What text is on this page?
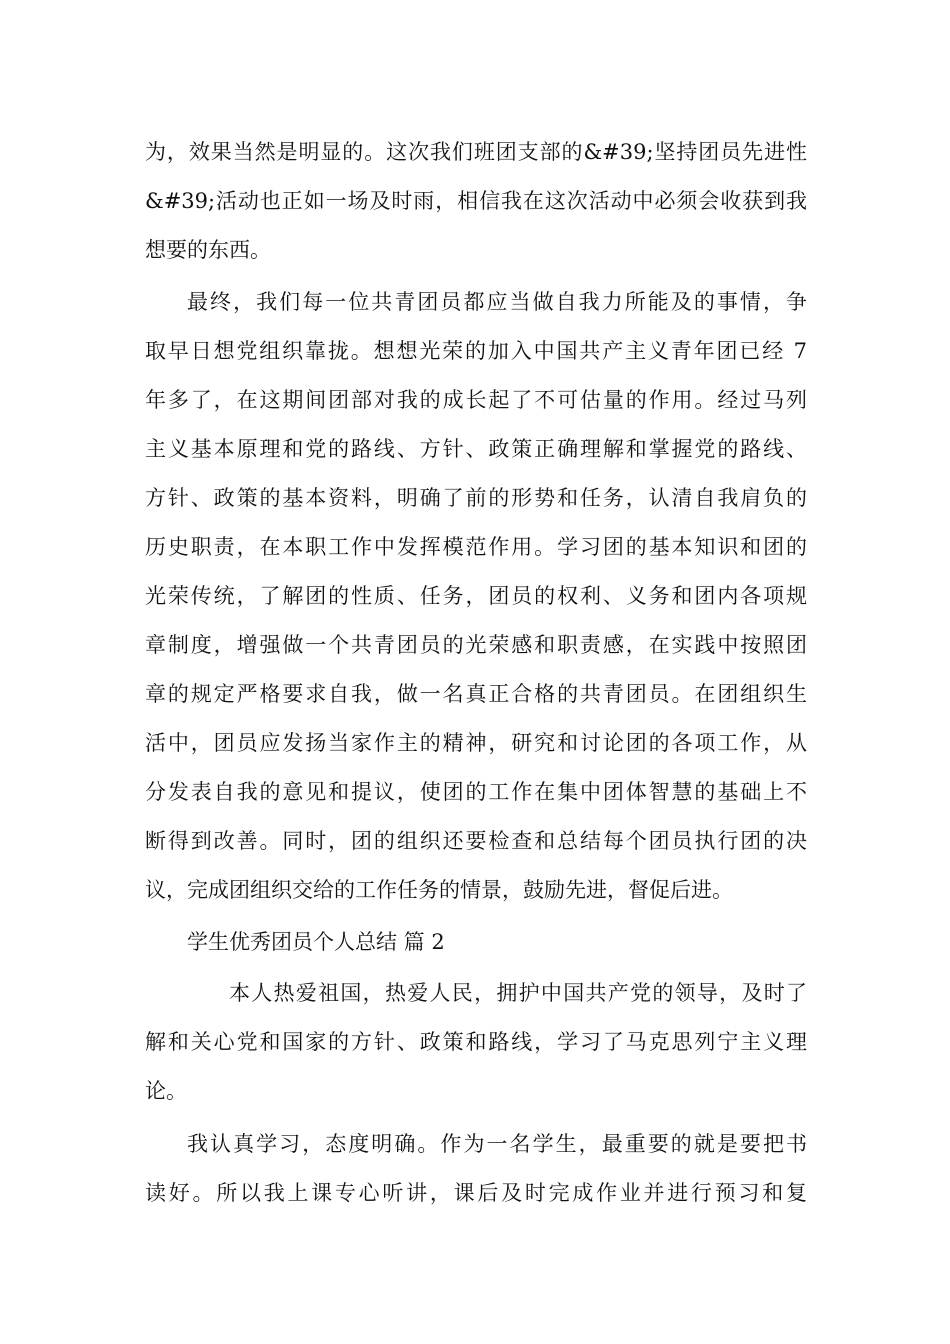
为，效果当然是明显的。这次我们班团支部的&#39;坚持团员先进性
&#39;活动也正如一场及时雨，相信我在这次活动中必须会收获到我
想要的东西。
最终，我们每一位共青团员都应当做自我力所能及的事情，争
取早日想党组织靠拢。想想光荣的加入中国共产主义青年团已经 7
年多了，在这期间团部对我的成长起了不可估量的作用。经过马列
主义基本原理和党的路线、方针、政策正确理解和掌握党的路线、
方针、政策的基本资料，明确了前的形势和任务，认清自我肩负的
历史职责，在本职工作中发挥模范作用。学习团的基本知识和团的
光荣传统，了解团的性质、任务，团员的权利、义务和团内各项规
章制度，增强做一个共青团员的光荣感和职责感，在实践中按照团
章的规定严格要求自我，做一名真正合格的共青团员。在团组织生
活中，团员应发扬当家作主的精神，研究和讨论团的各项工作，从
分发表自我的意见和提议，使团的工作在集中团体智慧的基础上不
断得到改善。同时，团的组织还要检查和总结每个团员执行团的决
议，完成团组织交给的工作任务的情景，鼓励先进，督促后进。
学生优秀团员个人总结 篇 2
本人热爱祖国，热爱人民，拥护中国共产党的领导，及时了
解和关心党和国家的方针、政策和路线，学习了马克思列宁主义理
论。
我认真学习，态度明确。作为一名学生，最重要的就是要把书
读好。所以我上课专心听讲，课后及时完成作业并进行预习和复
